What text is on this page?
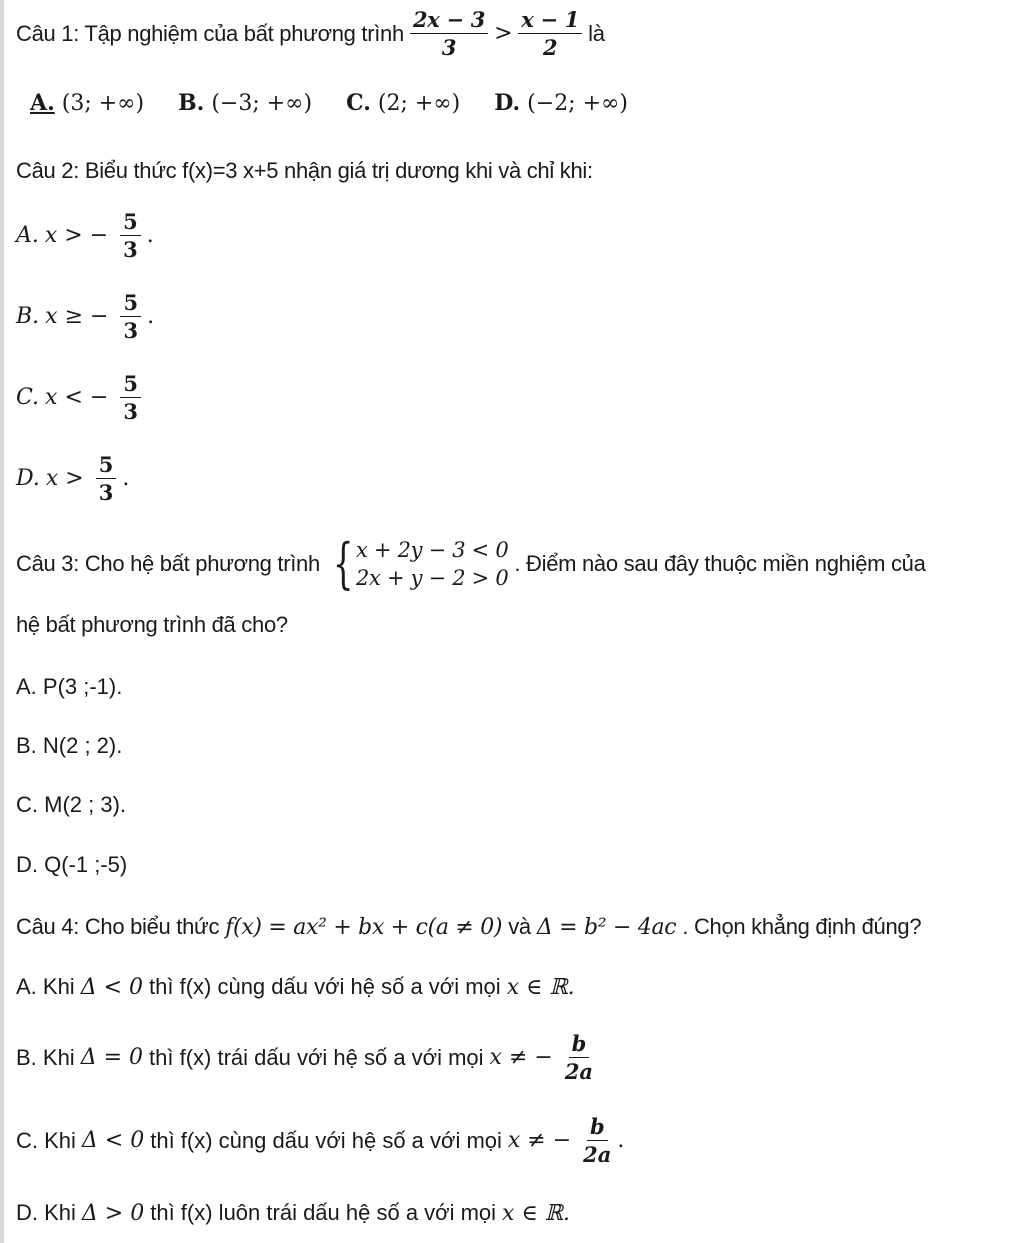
Câu 1: Tập nghiệm của bất phương trình $\frac{2x - 3}{3} > \frac{x - 1}{2}$ là
A. (3; +∞) B. (−3; +∞) C. (2; +∞) D. (−2; +∞)
Câu 2: Biểu thức f(x)=3 x+5 nhận giá trị dương khi và chỉ khi:
A. x > − $\frac{5}{3}$ .
B. x ≥ − $\frac{5}{3}$ .
C. x < − $\frac{5}{3}$
D. $x > \frac{5}{3}$ .
Câu 3: Cho hệ bất phương trình { x + 2y − 3 < 0
2x + y − 2 > 0
. Điểm nào sau đây thuộc miền nghiệm của
hệ bất phương trình đã cho?
A. P(3 ;-1).
B. N(2 ; 2).
C. M(2 ; 3).
D. Q(-1 ;-5)
Câu 4: Cho biểu thức f(x) = ax² + bx + c(a ≠ 0) và Δ = b² − 4ac . Chọn khẳng định đúng?
A. Khi Δ < 0 thì f(x) cùng dấu với hệ số a với mọi x ∈ ℝ.
B. Khi Δ = 0 thì f(x) trái dấu với hệ số a với mọi x ≠ − $\frac{b}{2a}$
C. Khi Δ < 0 thì f(x) cùng dấu với hệ số a với mọi x ≠ − $\frac{b}{2a}$ .
D. Khi Δ > 0 thì f(x) luôn trái dấu hệ số a với mọi x ∈ ℝ.
